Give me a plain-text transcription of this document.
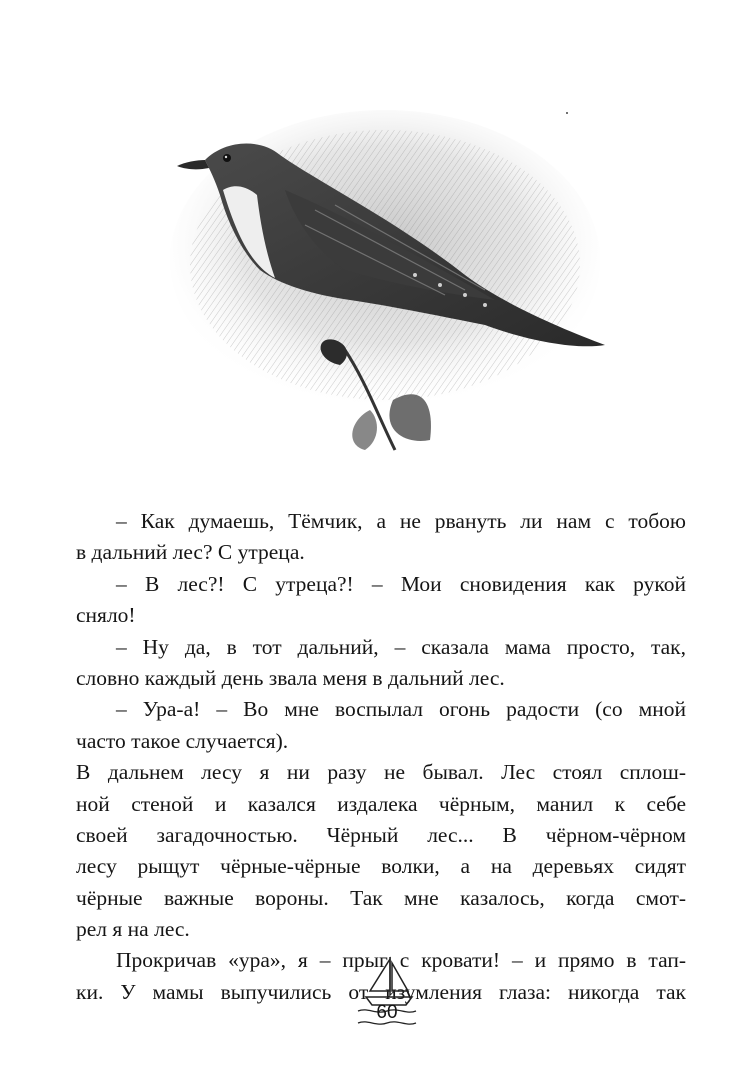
– Как думаешь, Тёмчик, а не рвануть ли нам с тобою
в дальний лес? С утреца.
– В лес?! С утреца?! – Мои сновидения как рукой
сняло!
– Ну да, в тот дальний, – сказала мама просто, так,
словно каждый день звала меня в дальний лес.
– Ура-а! – Во мне воспылал огонь радости (со мной
часто такое случается).
В дальнем лесу я ни разу не бывал. Лес стоял сплош-
ной стеной и казался издалека чёрным, манил к себе
своей загадочностью. Чёрный лес... В чёрном-чёрном
лесу рыщут чёрные-чёрные волки, а на деревьях сидят
чёрные важные вороны. Так мне казалось, когда смот-
рел я на лес.
Прокричав «ура», я – прыг с кровати! – и прямо в тап-
ки. У мамы выпучились от изумления глаза: никогда так
60
